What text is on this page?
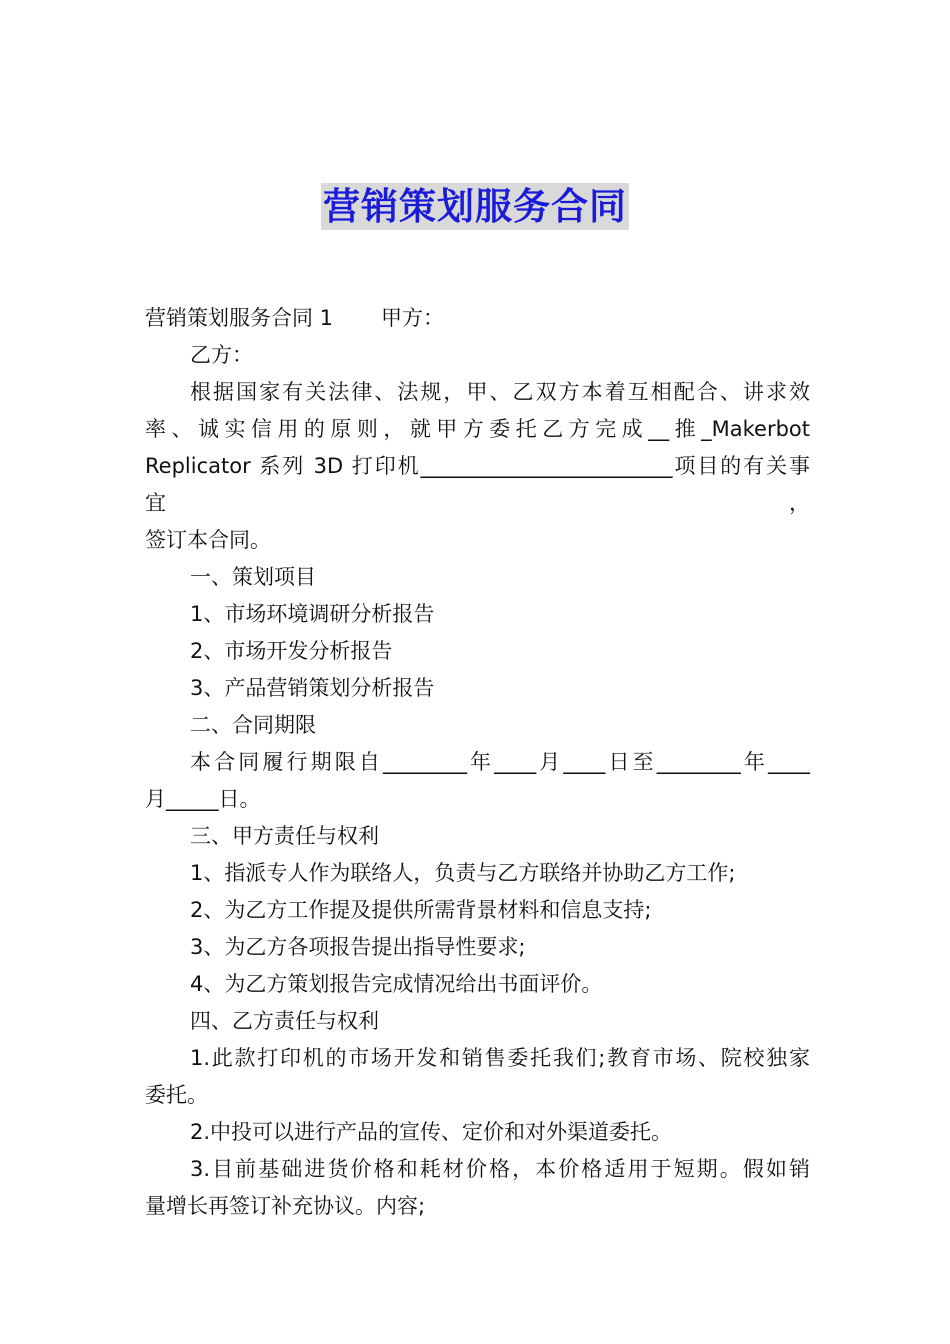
营销策划服务合同

营销策划服务合同 1 甲方：

乙方：

根据国家有关法律、法规，甲、乙双方本着互相配合、讲求效

率、诚实信用的原则，就甲方委托乙方完成__推_Makerbot

Replicator 系列 3D 打印机________________________项目的有关事宜，

签订本合同。

一、策划项目

1、市场环境调研分析报告

2、市场开发分析报告

3、产品营销策划分析报告

二、合同期限

本合同履行期限自________年____月____日至________年____

月_____日。

三、甲方责任与权利

1、指派专人作为联络人，负责与乙方联络并协助乙方工作;

2、为乙方工作提及提供所需背景材料和信息支持;

3、为乙方各项报告提出指导性要求;

4、为乙方策划报告完成情况给出书面评价。

四、乙方责任与权利

1.此款打印机的市场开发和销售委托我们;教育市场、院校独家

委托。

2.中投可以进行产品的宣传、定价和对外渠道委托。

3.目前基础进货价格和耗材价格，本价格适用于短期。假如销

量增长再签订补充协议。内容;
